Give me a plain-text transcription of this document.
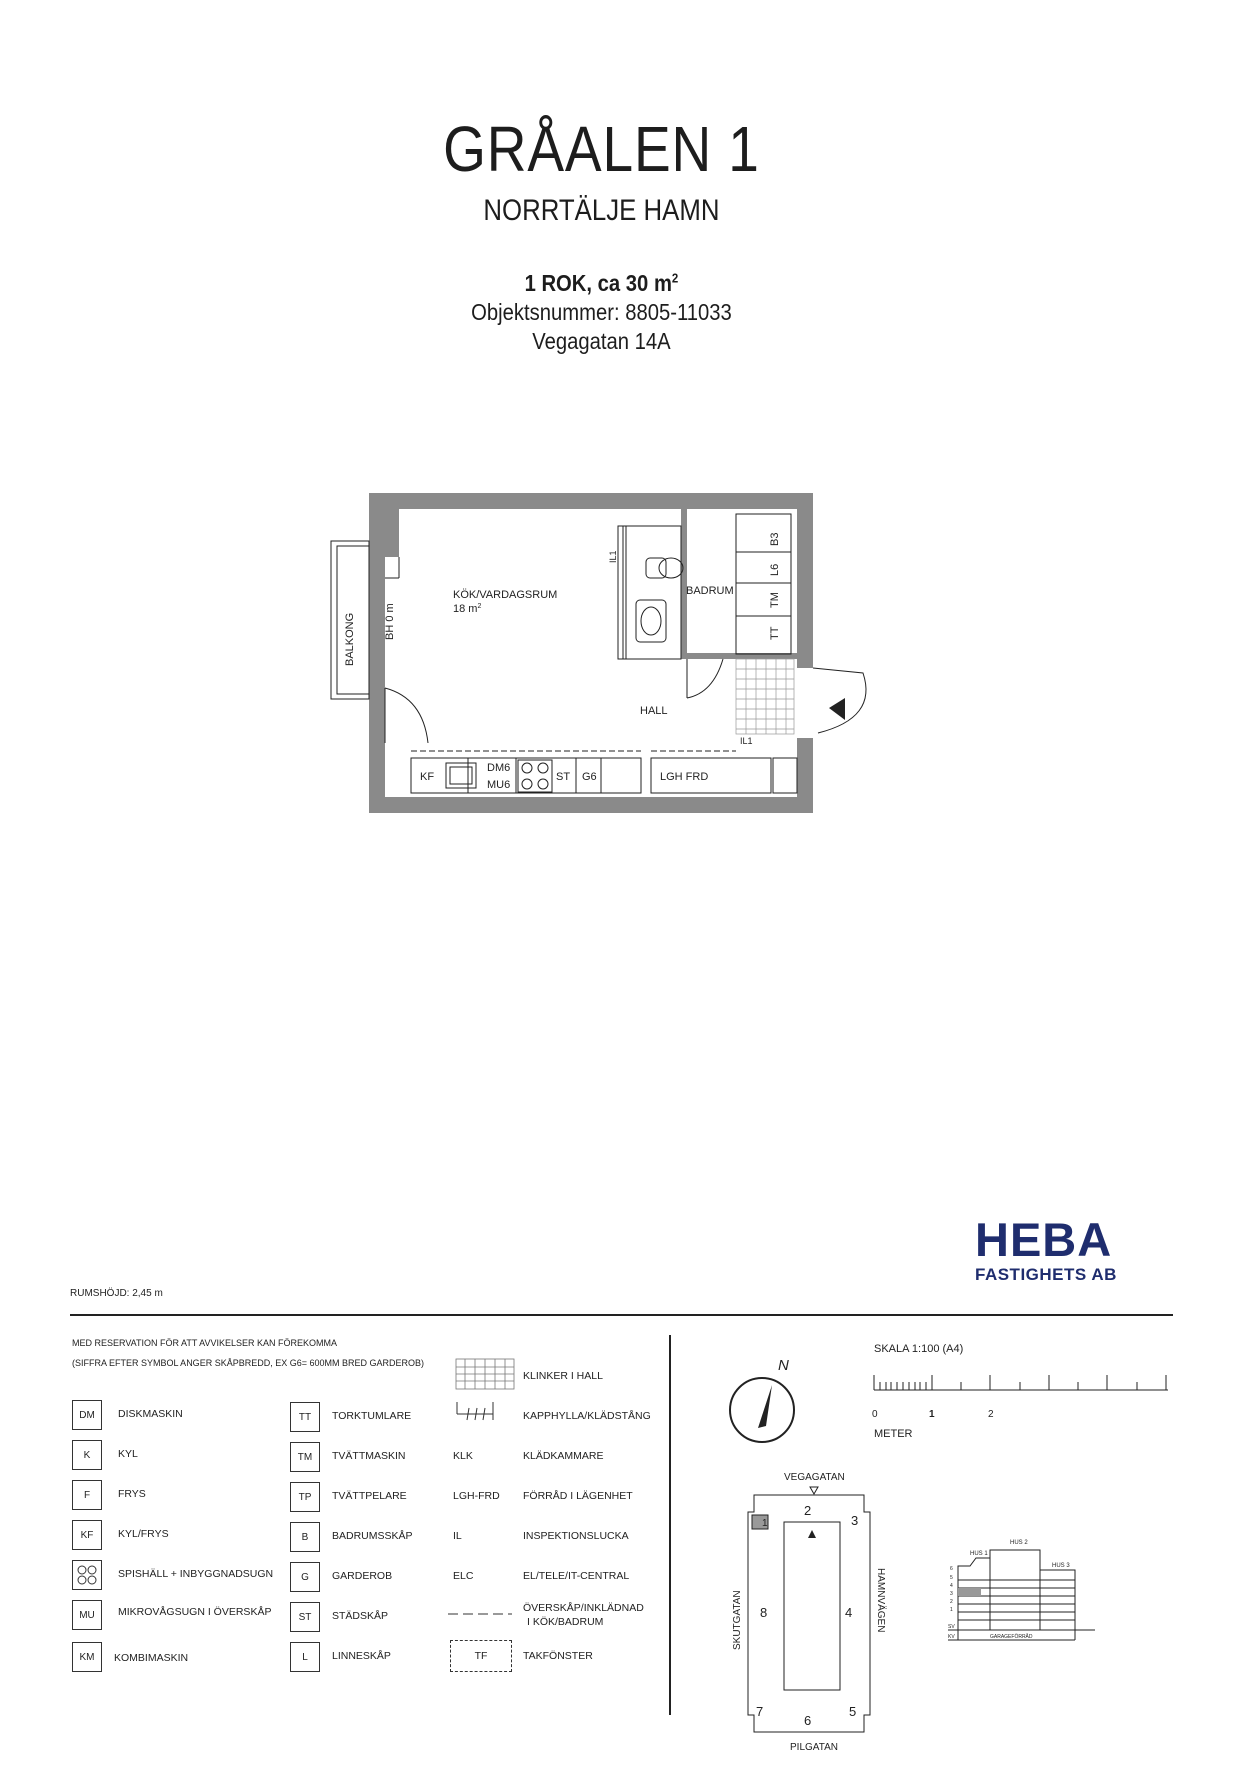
GRÅALEN 1
NORRTÄLJE HAMN
1 ROK, ca 30 $m^2$
Objektsnummer: 8805-11033
Vegagatan 14A
KÖK/VARDAGSRUM
18 $m^2$
BADRUM
HALL
BALKONG	BH 0 m
IL1
IL1
B3
L6
TM
TT
KF
DM6
MU6
ST G6	LGH FRD
HEBA
FASTIGHETS AB
RUMSHÖJD: 2,45 m
MED RESERVATION FÖR ATT AVVIKELSER KAN FÖREKOMMA
(SIFFRA EFTER SYMBOL ANGER SKÅPBREDD, EX G6= 600MM BRED GARDEROB)
DM	DISKMASKIN
K	KYL
F	FRYS
KF	KYL/FRYS
SPISHÄLL + INBYGGNADSUGN
MU	MIKROVÅGSUGN I ÖVERSKÅP
KM	KOMBIMASKIN
TT	TORKTUMLARE
TM	TVÄTTMASKIN
TP	TVÄTTPELARE
B	BADRUMSSKÅP
G	GARDEROB
ST	STÄDSKÅP
L	LINNESKÅP
KLINKER I HALL
KAPPHYLLA/KLÄDSTÅNG
KLK	KLÄDKAMMARE
LGH-FRD FÖRRÅD I LÄGENHET
IL	INSPEKTIONSLUCKA
ELC	EL/TELE/IT-CENTRAL
ÖVERSKÅP/INKLÄDNAD
I KÖK/BADRUM
TF	TAKFÖNSTER
N
SKALA 1:100 (A4)
0	1	2
METER
VEGAGATAN
1
2
3
4
5
6
7
8
PILGATAN
SKUTGATAN	HAMNVÄGEN
HUS 1
HUS 2
HUS 3
6
5
4
3
2
1
SV
KV	GARAGEFÖRRÅD
